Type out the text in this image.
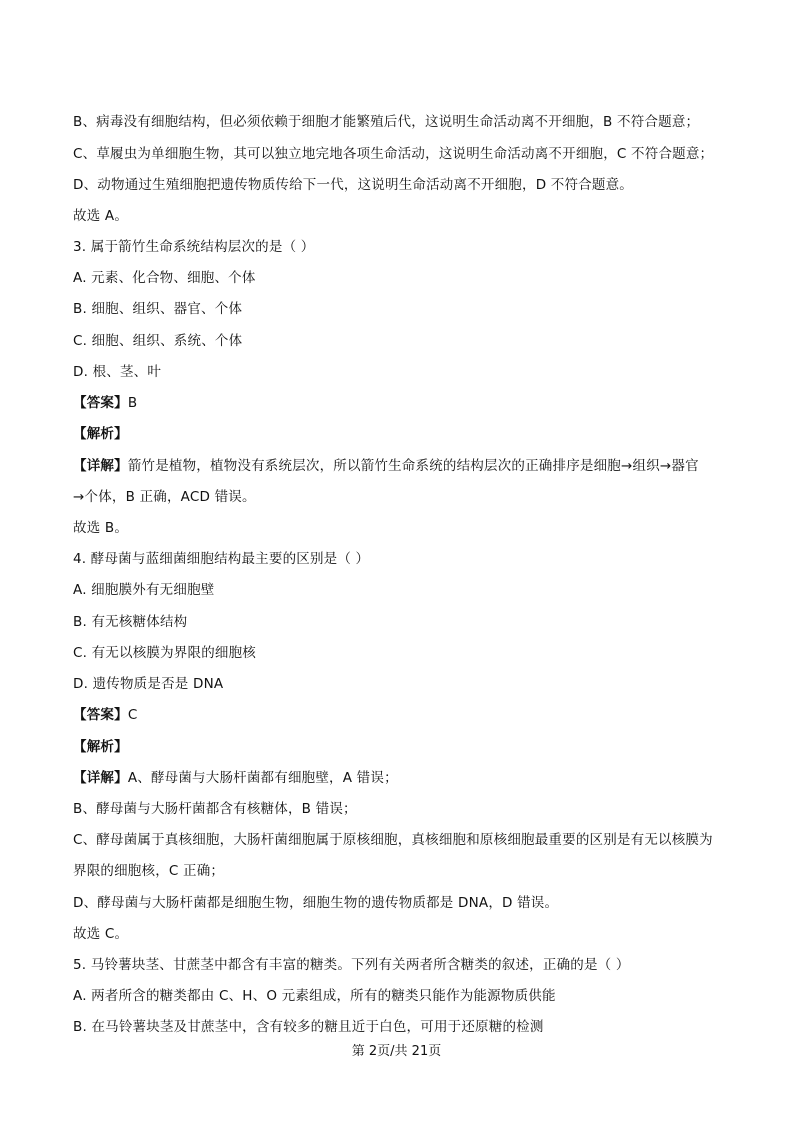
B、病毒没有细胞结构，但必须依赖于细胞才能繁殖后代，这说明生命活动离不开细胞，B 不符合题意；
C、草履虫为单细胞生物，其可以独立地完地各项生命活动，这说明生命活动离不开细胞，C 不符合题意；
D、动物通过生殖细胞把遗传物质传给下一代，这说明生命活动离不开细胞，D 不符合题意。
故选 A。
3. 属于箭竹生命系统结构层次的是（ ）
A. 元素、化合物、细胞、个体
B. 细胞、组织、器官、个体
C. 细胞、组织、系统、个体
D. 根、茎、叶
【答案】B
【解析】
【详解】箭竹是植物，植物没有系统层次，所以箭竹生命系统的结构层次的正确排序是细胞→组织→器官
→个体，B 正确，ACD 错误。
故选 B。
4. 酵母菌与蓝细菌细胞结构最主要的区别是（ ）
A. 细胞膜外有无细胞壁
B. 有无核糖体结构
C. 有无以核膜为界限的细胞核
D. 遗传物质是否是 DNA
【答案】C
【解析】
【详解】A、酵母菌与大肠杆菌都有细胞壁，A 错误；
B、酵母菌与大肠杆菌都含有核糖体，B 错误；
C、酵母菌属于真核细胞，大肠杆菌细胞属于原核细胞，真核细胞和原核细胞最重要的区别是有无以核膜为
界限的细胞核，C 正确；
D、酵母菌与大肠杆菌都是细胞生物，细胞生物的遗传物质都是 DNA，D 错误。
故选 C。
5. 马铃薯块茎、甘蔗茎中都含有丰富的糖类。下列有关两者所含糖类的叙述，正确的是（ ）
A. 两者所含的糖类都由 C、H、O 元素组成，所有的糖类只能作为能源物质供能
B. 在马铃薯块茎及甘蔗茎中，含有较多的糖且近于白色，可用于还原糖的检测
第 2页/共 21页
